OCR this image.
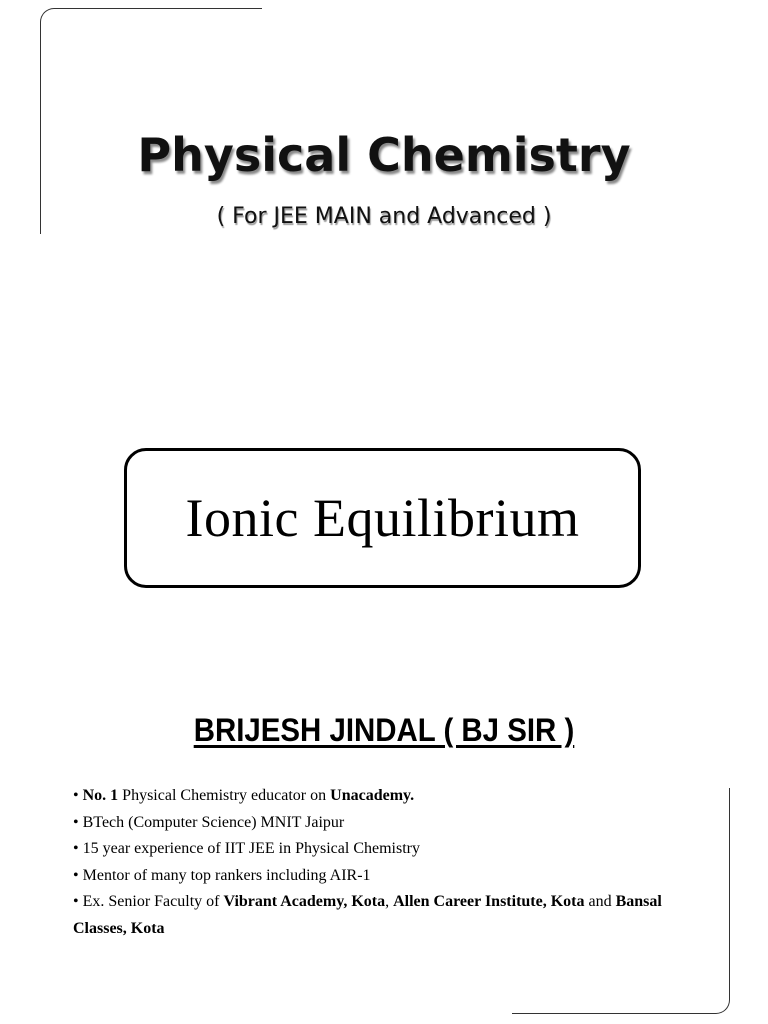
Physical Chemistry

( For JEE MAIN and Advanced )

Ionic Equilibrium
BRIJESH JINDAL ( BJ SIR )
•No. 1 Physical Chemistry educator on Unacademy.
•BTech (Computer Science) MNIT Jaipur
•15 year experience of IIT JEE in Physical Chemistry
•Mentor of many top rankers including AIR-1
•Ex. Senior Faculty of Vibrant Academy, Kota, Allen Career Institute, Kota and Bansal Classes, Kota
